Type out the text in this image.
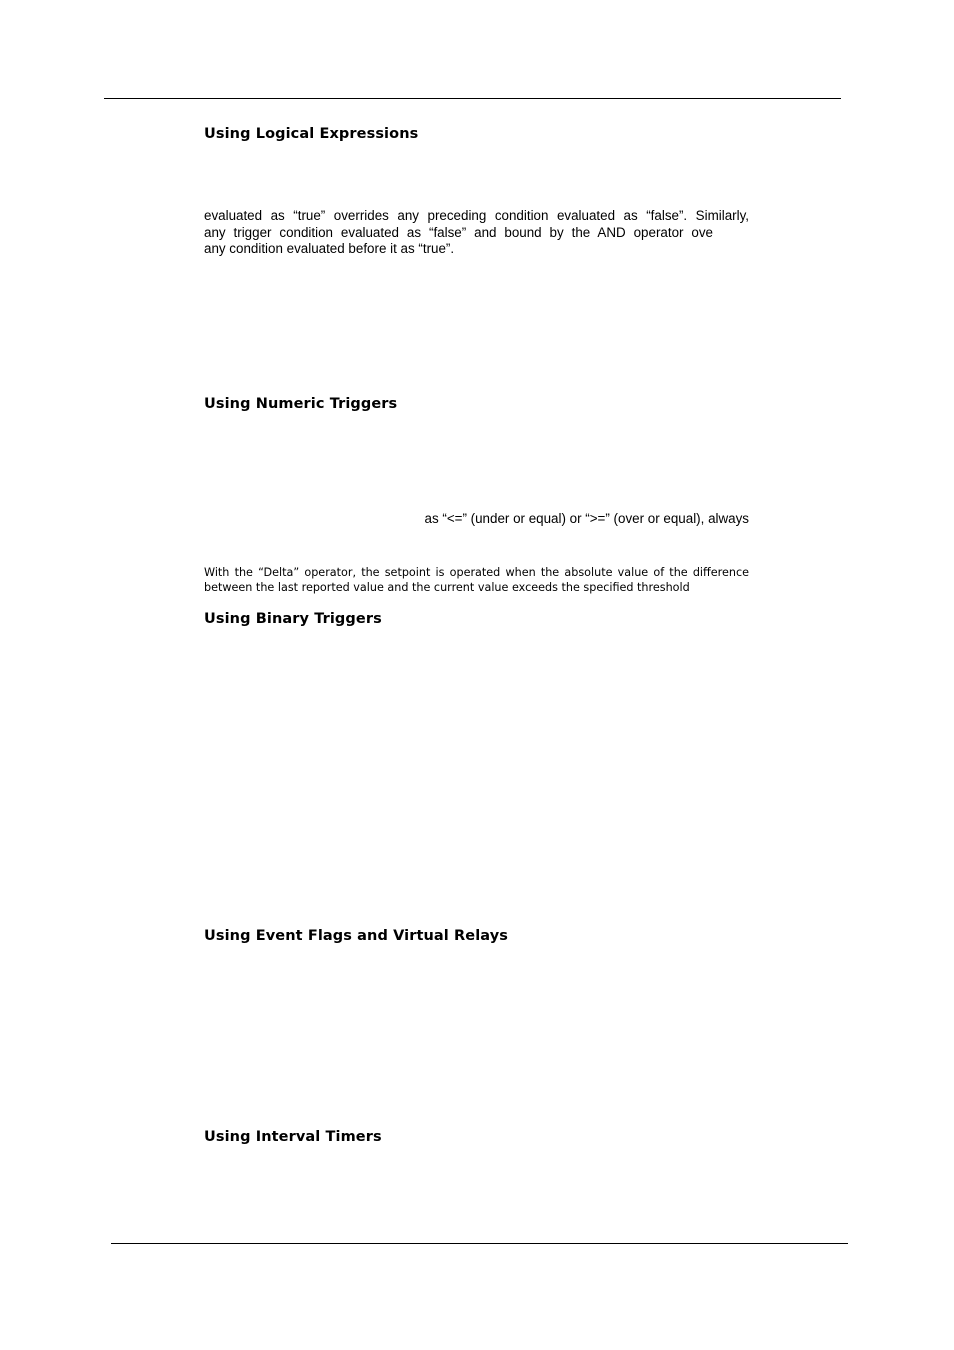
Using Logical Expressions
evaluated as “true” overrides any preceding condition evaluated as “false”. Similarly,
any trigger condition evaluated as “false” and bound by the AND operator ove
any condition evaluated before it as “true”.
Using Numeric Triggers
as “<=” (under or equal) or “>=” (over or equal), always
With the “Delta” operator, the setpoint is operated when the absolute value of the difference
between the last reported value and the current value exceeds the specified threshold
Using Binary Triggers
Using Event Flags and Virtual Relays
Using Interval Timers
